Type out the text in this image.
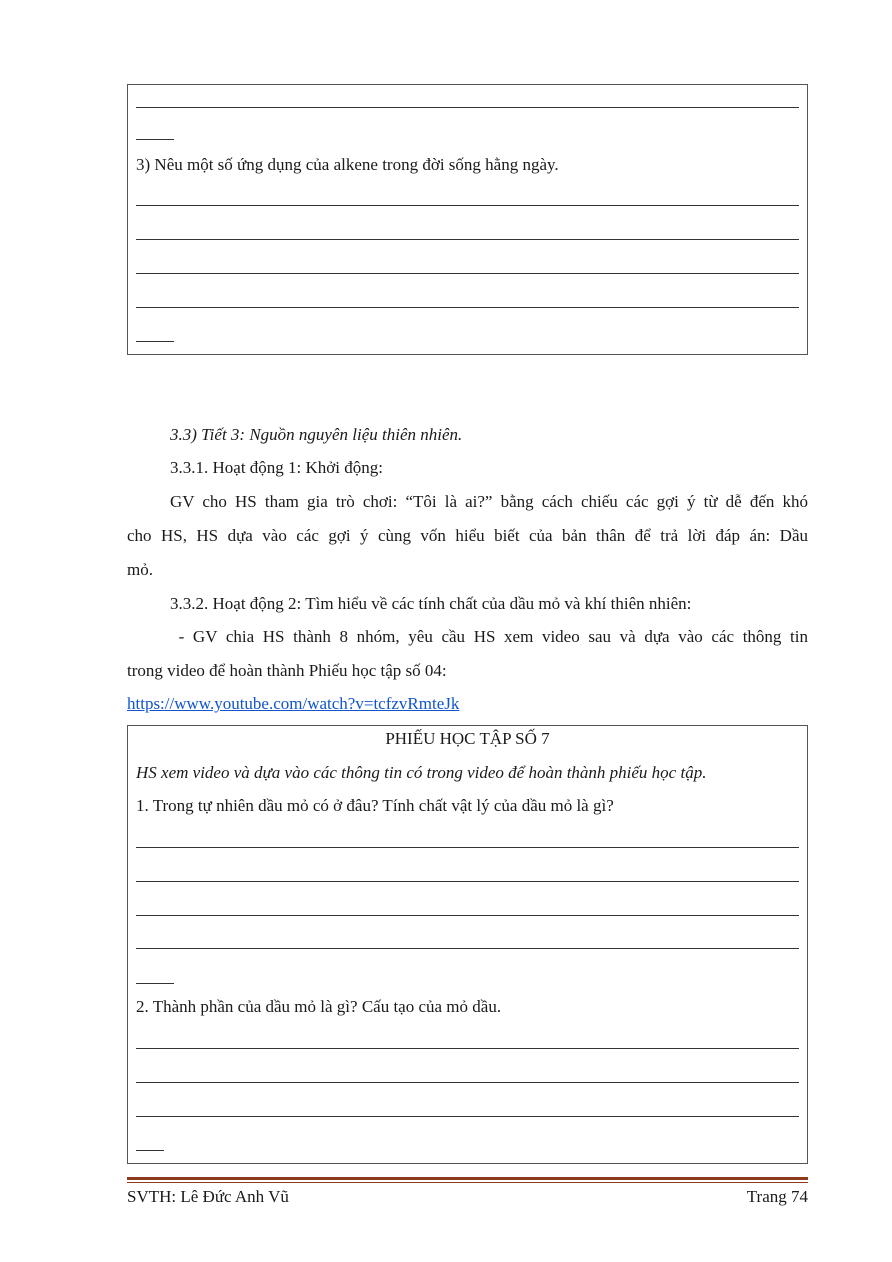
3) Nêu một số ứng dụng của alkene trong đời sống hằng ngày.
3.3) Tiết 3: Nguồn nguyên liệu thiên nhiên.
3.3.1. Hoạt động 1: Khởi động:
GV cho HS tham gia trò chơi: “Tôi là ai?” bằng cách chiếu các gợi ý từ dễ đến khó
cho HS, HS dựa vào các gợi ý cùng vốn hiểu biết của bản thân để trả lời đáp án: Dầu
mỏ.
3.3.2. Hoạt động 2: Tìm hiểu về các tính chất của dầu mỏ và khí thiên nhiên:
- GV chia HS thành 8 nhóm, yêu cầu HS xem video sau và dựa vào các thông tin
trong video để hoàn thành Phiếu học tập số 04:
https://www.youtube.com/watch?v=tcfzvRmteJk
PHIẾU HỌC TẬP SỐ 7
HS xem video và dựa vào các thông tin có trong video để hoàn thành phiếu học tập.
1. Trong tự nhiên dầu mỏ có ở đâu? Tính chất vật lý của dầu mỏ là gì?
2. Thành phần của dầu mỏ là gì? Cấu tạo của mỏ dầu.
SVTH: Lê Đức Anh Vũ	Trang 74
